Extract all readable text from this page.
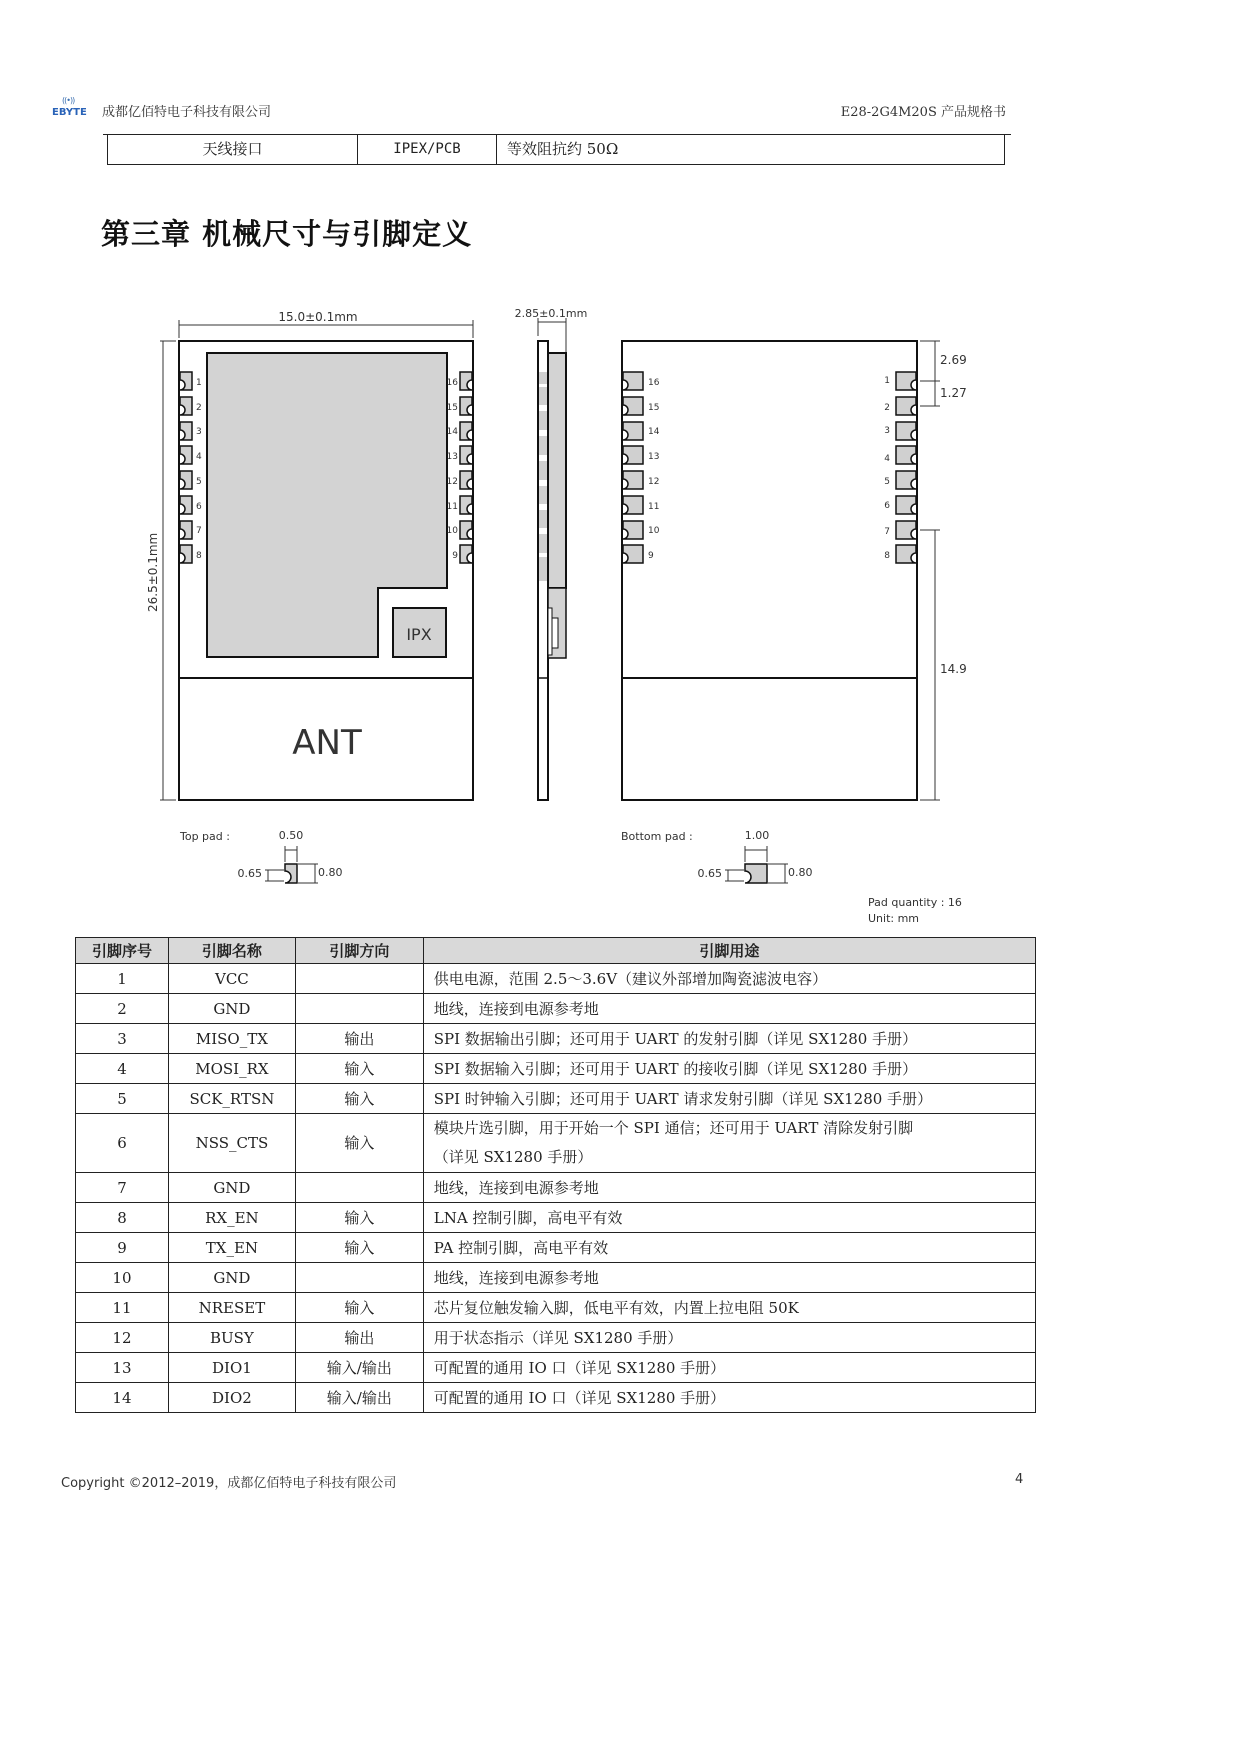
((•))
EBYTE 成都亿佰特电子科技有限公司	E28-2G4M20S 产品规格书
天线接口	IPEX/PCB	等效阻抗约 50Ω
第三章 机械尺寸与引脚定义
15.0±0.1mm
26.5±0.1mm
IPX
ANT
1
2
3
4
5
6
7
8
16
15
14
13
12
11
10
9
2.85±0.1mm
16
15
14
13
12
11
10
9
1
2
3
4
5
6
7
8
2.69
1.27
14.9
Top pad :	0.50
0.65	0.80
Bottom pad :	1.00
0.65	0.80
Pad quantity : 16
Unit: mm
引脚序号	引脚名称	引脚方向	引脚用途
1	VCC		供电电源，范围 2.5～3.6V（建议外部增加陶瓷滤波电容）
2	GND		地线，连接到电源参考地
3	MISO_TX	输出	SPI 数据输出引脚；还可用于 UART 的发射引脚（详见 SX1280 手册）
4	MOSI_RX	输入	SPI 数据输入引脚；还可用于 UART 的接收引脚（详见 SX1280 手册）
5	SCK_RTSN	输入	SPI 时钟输入引脚；还可用于 UART 请求发射引脚（详见 SX1280 手册）
6	NSS_CTS	输入	模块片选引脚，用于开始一个 SPI 通信；还可用于 UART 清除发射引脚
（详见 SX1280 手册）

7	GND		地线，连接到电源参考地
8	RX_EN	输入	LNA 控制引脚，高电平有效
9	TX_EN	输入	PA 控制引脚，高电平有效
10	GND		地线，连接到电源参考地
11	NRESET	输入	芯片复位触发输入脚，低电平有效，内置上拉电阻 50K
12	BUSY	输出	用于状态指示（详见 SX1280 手册）
13	DIO1	输入/输出	可配置的通用 IO 口（详见 SX1280 手册）
14	DIO2	输入/输出	可配置的通用 IO 口（详见 SX1280 手册）
Copyright ©2012–2019，成都亿佰特电子科技有限公司	4
